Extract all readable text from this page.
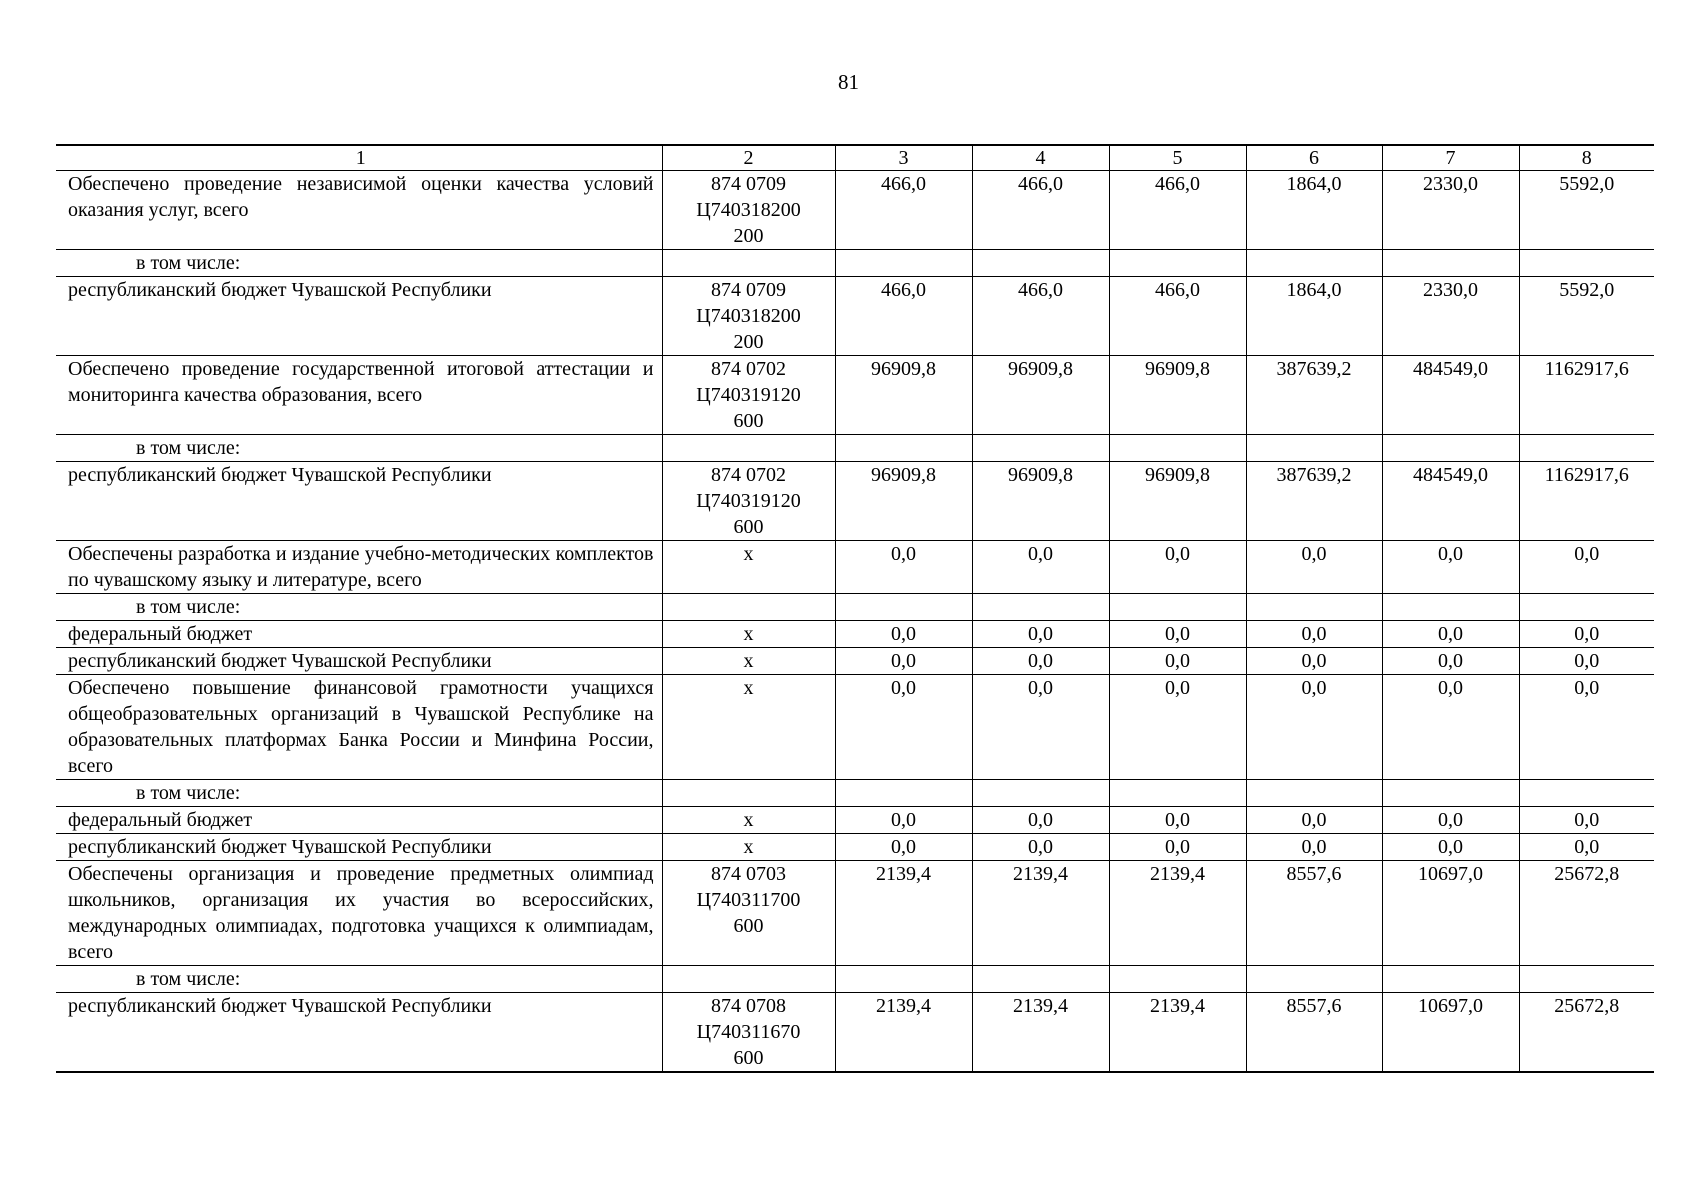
81
1	2	3	4	5	6	7	8
Обеспечено проведение независимой оценки качества условий оказания услуг, всего	874 0709
Ц740318200
200	466,0	466,0	466,0	1864,0	2330,0	5592,0
в том числе:							
республиканский бюджет Чувашской Республики	874 0709
Ц740318200
200	466,0	466,0	466,0	1864,0	2330,0	5592,0
Обеспечено проведение государственной итоговой аттестации и мониторинга качества образования, всего	874 0702
Ц740319120
600	96909,8	96909,8	96909,8	387639,2	484549,0	1162917,6
в том числе:							
республиканский бюджет Чувашской Республики	874 0702
Ц740319120
600	96909,8	96909,8	96909,8	387639,2	484549,0	1162917,6
Обеспечены разработка и издание учебно-методических комплектов по чувашскому языку и литературе, всего	х	0,0	0,0	0,0	0,0	0,0	0,0
в том числе:							
федеральный бюджет	х	0,0	0,0	0,0	0,0	0,0	0,0
республиканский бюджет Чувашской Республики	х	0,0	0,0	0,0	0,0	0,0	0,0
Обеспечено повышение финансовой грамотности учащихся общеобразовательных организаций в Чувашской Республике на образовательных платформах Банка России и Минфина России, всего	х	0,0	0,0	0,0	0,0	0,0	0,0
в том числе:							
федеральный бюджет	х	0,0	0,0	0,0	0,0	0,0	0,0
республиканский бюджет Чувашской Республики	х	0,0	0,0	0,0	0,0	0,0	0,0
Обеспечены организация и проведение предметных олимпиад школьников, организация их участия во всероссийских, международных олимпиадах, подготовка учащихся к олимпиадам, всего	874 0703
Ц740311700
600	2139,4	2139,4	2139,4	8557,6	10697,0	25672,8
в том числе:							
республиканский бюджет Чувашской Республики	874 0708
Ц740311670
600	2139,4	2139,4	2139,4	8557,6	10697,0	25672,8
